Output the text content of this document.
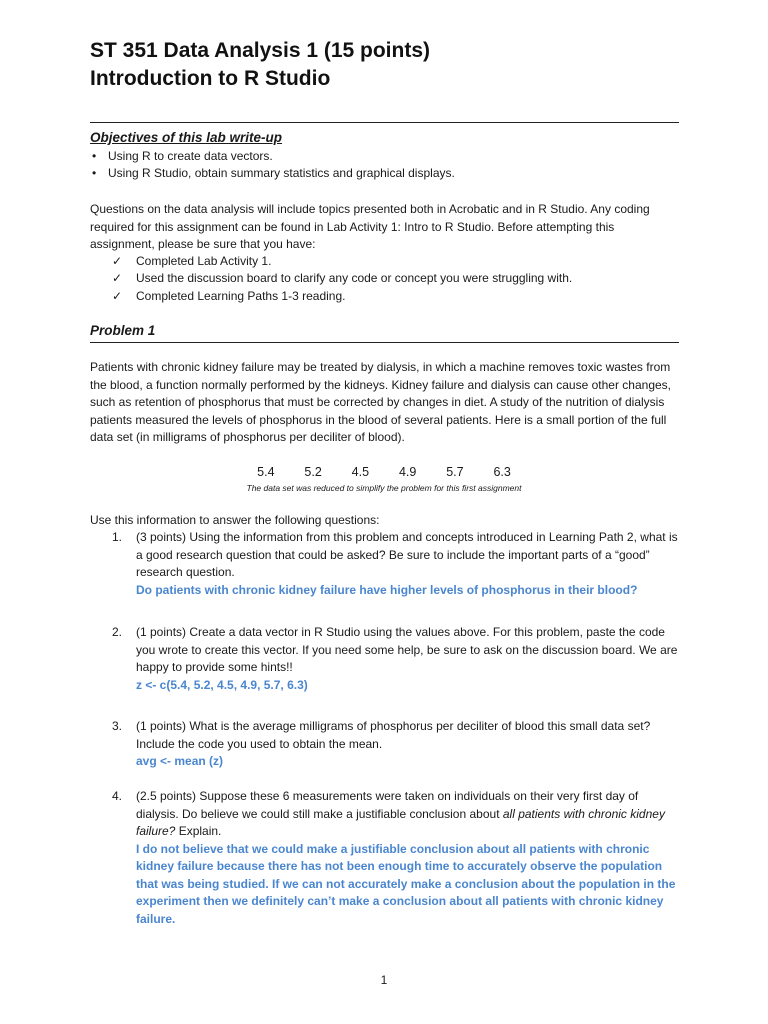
ST 351 Data Analysis 1 (15 points)
Introduction to R Studio
Objectives of this lab write-up
• Using R to create data vectors.
• Using R Studio, obtain summary statistics and graphical displays.
Questions on the data analysis will include topics presented both in Acrobatic and in R Studio. Any coding required for this assignment can be found in Lab Activity 1: Intro to R Studio. Before attempting this assignment, please be sure that you have:
✓ Completed Lab Activity 1.
✓ Used the discussion board to clarify any code or concept you were struggling with.
✓ Completed Learning Paths 1-3 reading.
Problem 1
Patients with chronic kidney failure may be treated by dialysis, in which a machine removes toxic wastes from the blood, a function normally performed by the kidneys. Kidney failure and dialysis can cause other changes, such as retention of phosphorus that must be corrected by changes in diet. A study of the nutrition of dialysis patients measured the levels of phosphorus in the blood of several patients. Here is a small portion of the full data set (in milligrams of phosphorus per deciliter of blood).
5.4    5.2    4.5    4.9    5.7    6.3
The data set was reduced to simplify the problem for this first assignment
Use this information to answer the following questions:
1. (3 points) Using the information from this problem and concepts introduced in Learning Path 2, what is a good research question that could be asked? Be sure to include the important parts of a “good” research question.
Do patients with chronic kidney failure have higher levels of phosphorus in their blood?
2. (1 points) Create a data vector in R Studio using the values above. For this problem, paste the code you wrote to create this vector. If you need some help, be sure to ask on the discussion board. We are happy to provide some hints!!
z <- c(5.4, 5.2, 4.5, 4.9, 5.7, 6.3)
3. (1 points) What is the average milligrams of phosphorus per deciliter of blood this small data set? Include the code you used to obtain the mean.
avg <- mean (z)
4. (2.5 points) Suppose these 6 measurements were taken on individuals on their very first day of dialysis. Do believe we could still make a justifiable conclusion about all patients with chronic kidney failure? Explain.
I do not believe that we could make a justifiable conclusion about all patients with chronic kidney failure because there has not been enough time to accurately observe the population that was being studied. If we can not accurately make a conclusion about the population in the experiment then we definitely can’t make a conclusion about all patients with chronic kidney failure.
1
